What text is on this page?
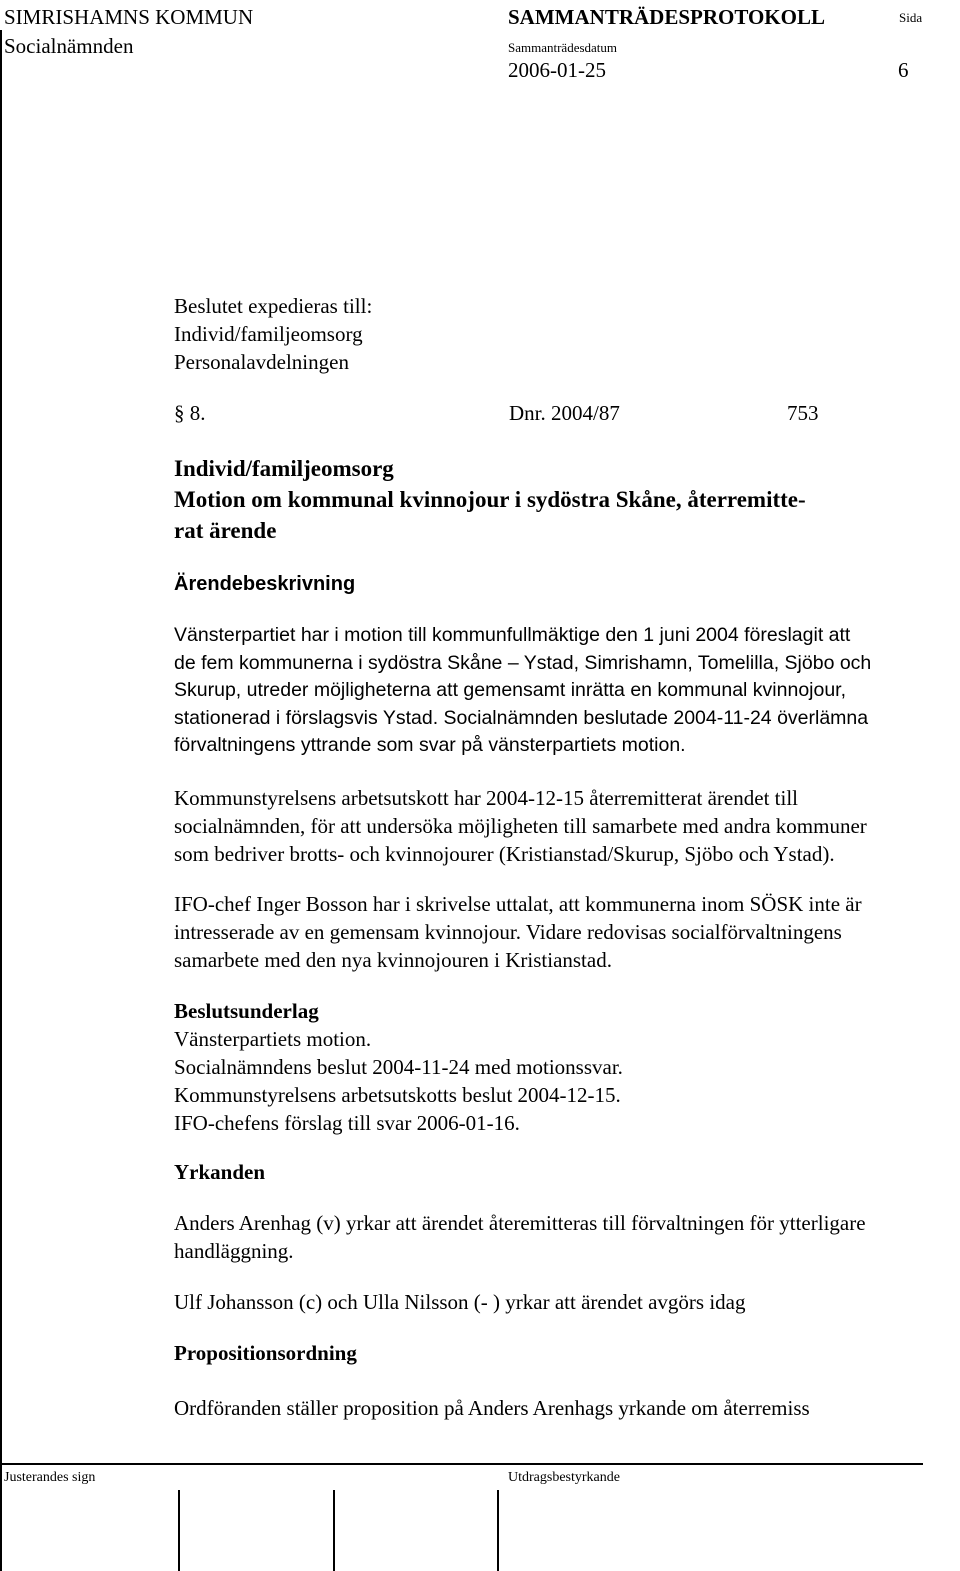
SIMRISHAMNS KOMMUN
Socialnämnden
SAMMANTRÄDESPROTOKOLL
Sammanträdesdatum
2006-01-25
Sida
6
Beslutet expedieras till:
Individ/familjeomsorg
Personalavdelningen
§ 8.	Dnr. 2004/87	753
Individ/familjeomsorg
Motion om kommunal kvinnojour i sydöstra Skåne, återremitte-
rat ärende
Ärendebeskrivning
Vänsterpartiet har i motion till kommunfullmäktige den 1 juni 2004 föreslagit att
de fem kommunerna i sydöstra Skåne – Ystad, Simrishamn, Tomelilla, Sjöbo och
Skurup, utreder möjligheterna att gemensamt inrätta en kommunal kvinnojour,
stationerad i förslagsvis Ystad. Socialnämnden beslutade 2004-11-24 överlämna
förvaltningens yttrande som svar på vänsterpartiets motion.
Kommunstyrelsens arbetsutskott har 2004-12-15 återremitterat ärendet till
socialnämnden, för att undersöka möjligheten till samarbete med andra kommuner
som bedriver brotts- och kvinnojourer (Kristianstad/Skurup, Sjöbo och Ystad).
IFO-chef Inger Bosson har i skrivelse uttalat, att kommunerna inom SÖSK inte är
intresserade av en gemensam kvinnojour. Vidare redovisas socialförvaltningens
samarbete med den nya kvinnojouren i Kristianstad.
Beslutsunderlag
Vänsterpartiets motion.
Socialnämndens beslut 2004-11-24 med motionssvar.
Kommunstyrelsens arbetsutskotts beslut 2004-12-15.
IFO-chefens förslag till svar 2006-01-16.
Yrkanden
Anders Arenhag (v) yrkar att ärendet återemitteras till förvaltningen för ytterligare
handläggning.
Ulf Johansson (c) och Ulla Nilsson (- ) yrkar att ärendet avgörs idag
Propositionsordning
Ordföranden ställer proposition på Anders Arenhags yrkande om återremiss
Justerandes sign	Utdragsbestyrkande
